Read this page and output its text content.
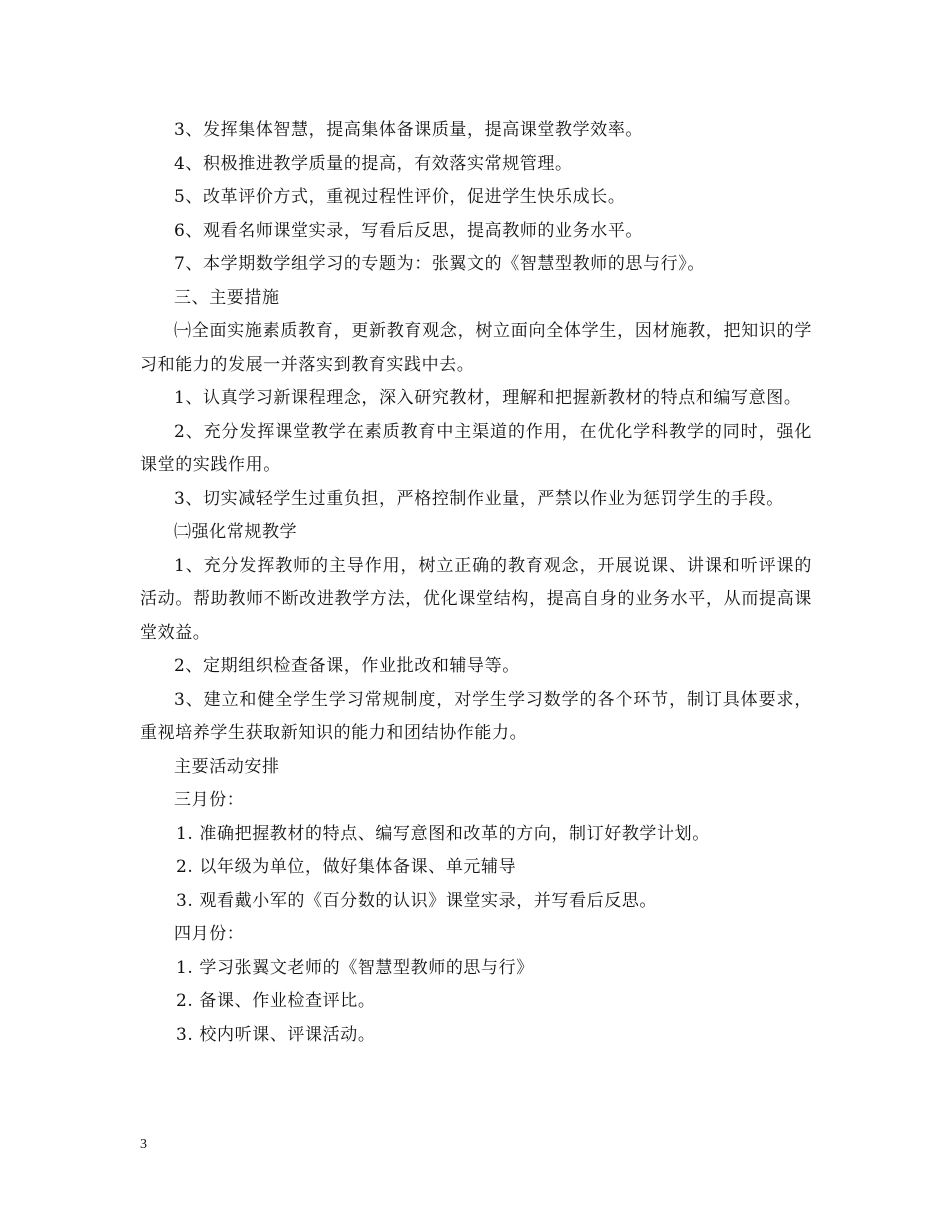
3、发挥集体智慧，提高集体备课质量，提高课堂教学效率。

4、积极推进教学质量的提高，有效落实常规管理。

5、改革评价方式，重视过程性评价，促进学生快乐成长。

6、观看名师课堂实录，写看后反思，提高教师的业务水平。

7、本学期数学组学习的专题为：张翼文的《智慧型教师的思与行》。

三、主要措施

㈠全面实施素质教育，更新教育观念，树立面向全体学生，因材施教，把知识的学习和能力的发展一并落实到教育实践中去。

1、认真学习新课程理念，深入研究教材，理解和把握新教材的特点和编写意图。

2、充分发挥课堂教学在素质教育中主渠道的作用，在优化学科教学的同时，强化课堂的实践作用。

3、切实减轻学生过重负担，严格控制作业量，严禁以作业为惩罚学生的手段。

㈡强化常规教学

1、充分发挥教师的主导作用，树立正确的教育观念，开展说课、讲课和听评课的活动。帮助教师不断改进教学方法，优化课堂结构，提高自身的业务水平，从而提高课堂效益。

2、定期组织检查备课，作业批改和辅导等。

3、建立和健全学生学习常规制度，对学生学习数学的各个环节，制订具体要求，重视培养学生获取新知识的能力和团结协作能力。

主要活动安排

三月份：

1. 准确把握教材的特点、编写意图和改革的方向，制订好教学计划。

2. 以年级为单位，做好集体备课、单元辅导

3. 观看戴小军的《百分数的认识》课堂实录，并写看后反思。

四月份：

1. 学习张翼文老师的《智慧型教师的思与行》

2. 备课、作业检查评比。

3. 校内听课、评课活动。

3
